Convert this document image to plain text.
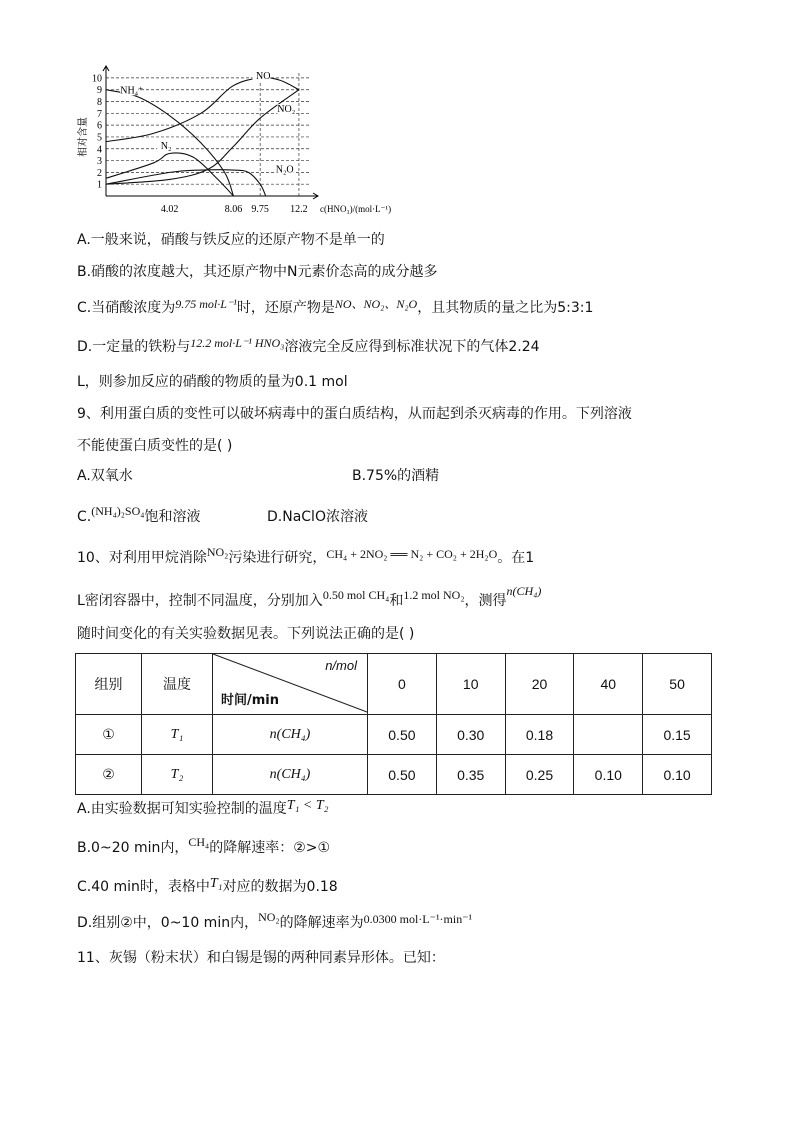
1
2
3
4
5
6
7
8
9
10
4.02	8.06 9.75 12.2 c(HNO₃)/(mol·L⁻¹)
相对含量
NO
NO₂
NH₄⁺
N₂
N₂O
A.一般来说，硝酸与铁反应的还原产物不是单一的
B.硝酸的浓度越大，其还原产物中N元素价态高的成分越多
C.当硝酸浓度为9.75 mol·L⁻¹时，还原产物是NO、NO₂、N₂O，且其物质的量之比为5:3:1
D.一定量的铁粉与12.2 mol·L⁻¹ HNO₃溶液完全反应得到标准状况下的气体2.24
L，则参加反应的硝酸的物质的量为0.1 mol
9、利用蛋白质的变性可以破坏病毒中的蛋白质结构，从而起到杀灭病毒的作用。下列溶液
不能使蛋白质变性的是( )
A.双氧水	B.75%的酒精
C.(NH₄)₂SO₄饱和溶液	D.NaClO浓溶液
10、对利用甲烷消除NO₂污染进行研究，CH₄ + 2NO₂ ══ N₂ + CO₂ + 2H₂O。在1
L密闭容器中，控制不同温度，分别加入0.50 mol CH₄和1.2 mol NO₂，测得n(CH₄)
随时间变化的有关实验数据见表。下列说法正确的是( )
组别	温度	n/mol
时间/min	0	10	20	40	50
①	T₁	n(CH₄)	0.50	0.30	0.18		0.15
②	T₂	n(CH₄)	0.50	0.35	0.25	0.10	0.10
A.由实验数据可知实验控制的温度T₁ < T₂
B.0~20 min内，CH₄的降解速率：②>①
C.40 min时，表格中T₁对应的数据为0.18
D.组别②中，0~10 min内，NO₂的降解速率为0.0300 mol·L⁻¹·min⁻¹
11、灰锡（粉末状）和白锡是锡的两种同素异形体。已知：
